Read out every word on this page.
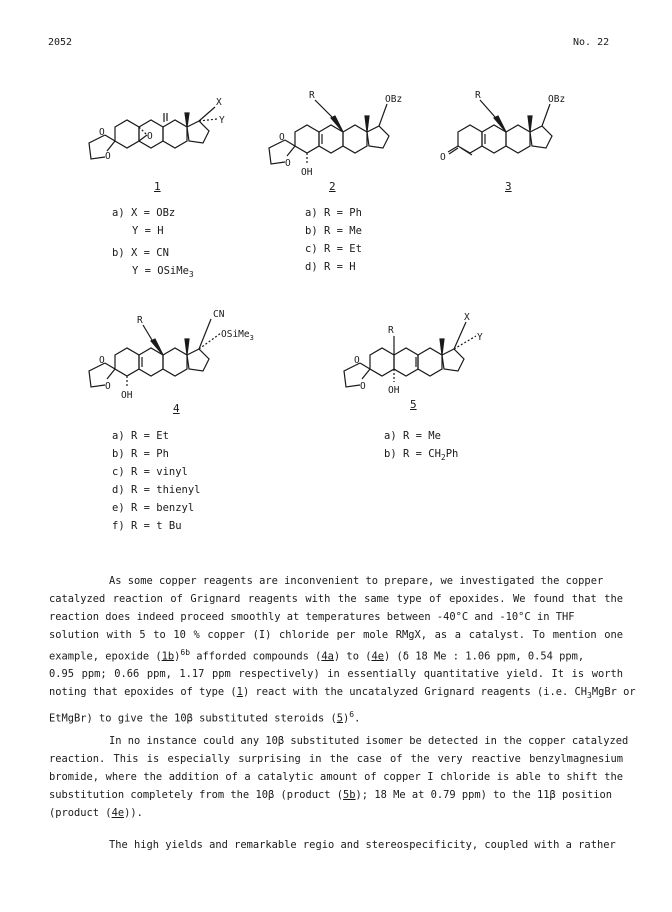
2052	No. 22
X
Y
O
O
O
1
a) X = OBz
Y = H
b) X = CN
Y = OSiMe$_3$
R	OBz
O
O
OH
2
a) R = Ph
b) R = Me
c) R = Et
d) R = H
R	OBz
O
3
R
CN
OSiMe$_3$
O
O
OH
4
a) R = Et
b) R = Ph
c) R = vinyl
d) R = thienyl
e) R = benzyl
f) R = t Bu
R
X
Y
O
O OH
5
a) R = Me
b) $R = CH_2Ph$
As some copper reagents are inconvenient to prepare, we investigated the copper
catalyzed reaction of Grignard reagents with the same type of epoxides. We found that the
reaction does indeed proceed smoothly at temperatures between -40°C and -10°C in THF
solution with 5 to 10 % copper (I) chloride per mole RMgX, as a catalyst. To mention one
example, epoxide $(1b)^{6b}$ afforded compounds (4a) to (4e) (δ 18 Me : 1.06 ppm, 0.54 ppm,
0.95 ppm; 0.66 ppm, 1.17 ppm respectively) in essentially quantitative yield. It is worth
noting that epoxides of type (1) react with the uncatalyzed Grignard reagents (i.e. $CH_3MgBr$ or
EtMgBr) to give the 10β substituted steroids $(5)^6$.
In no instance could any 10β substituted isomer be detected in the copper catalyzed
reaction. This is especially surprising in the case of the very reactive benzylmagnesium
bromide, where the addition of a catalytic amount of copper I chloride is able to shift the
substitution completely from the 10β (product (5b); 18 Me at 0.79 ppm) to the 11β position
(product (4e)).
The high yields and remarkable regio and stereospecificity, coupled with a rather
